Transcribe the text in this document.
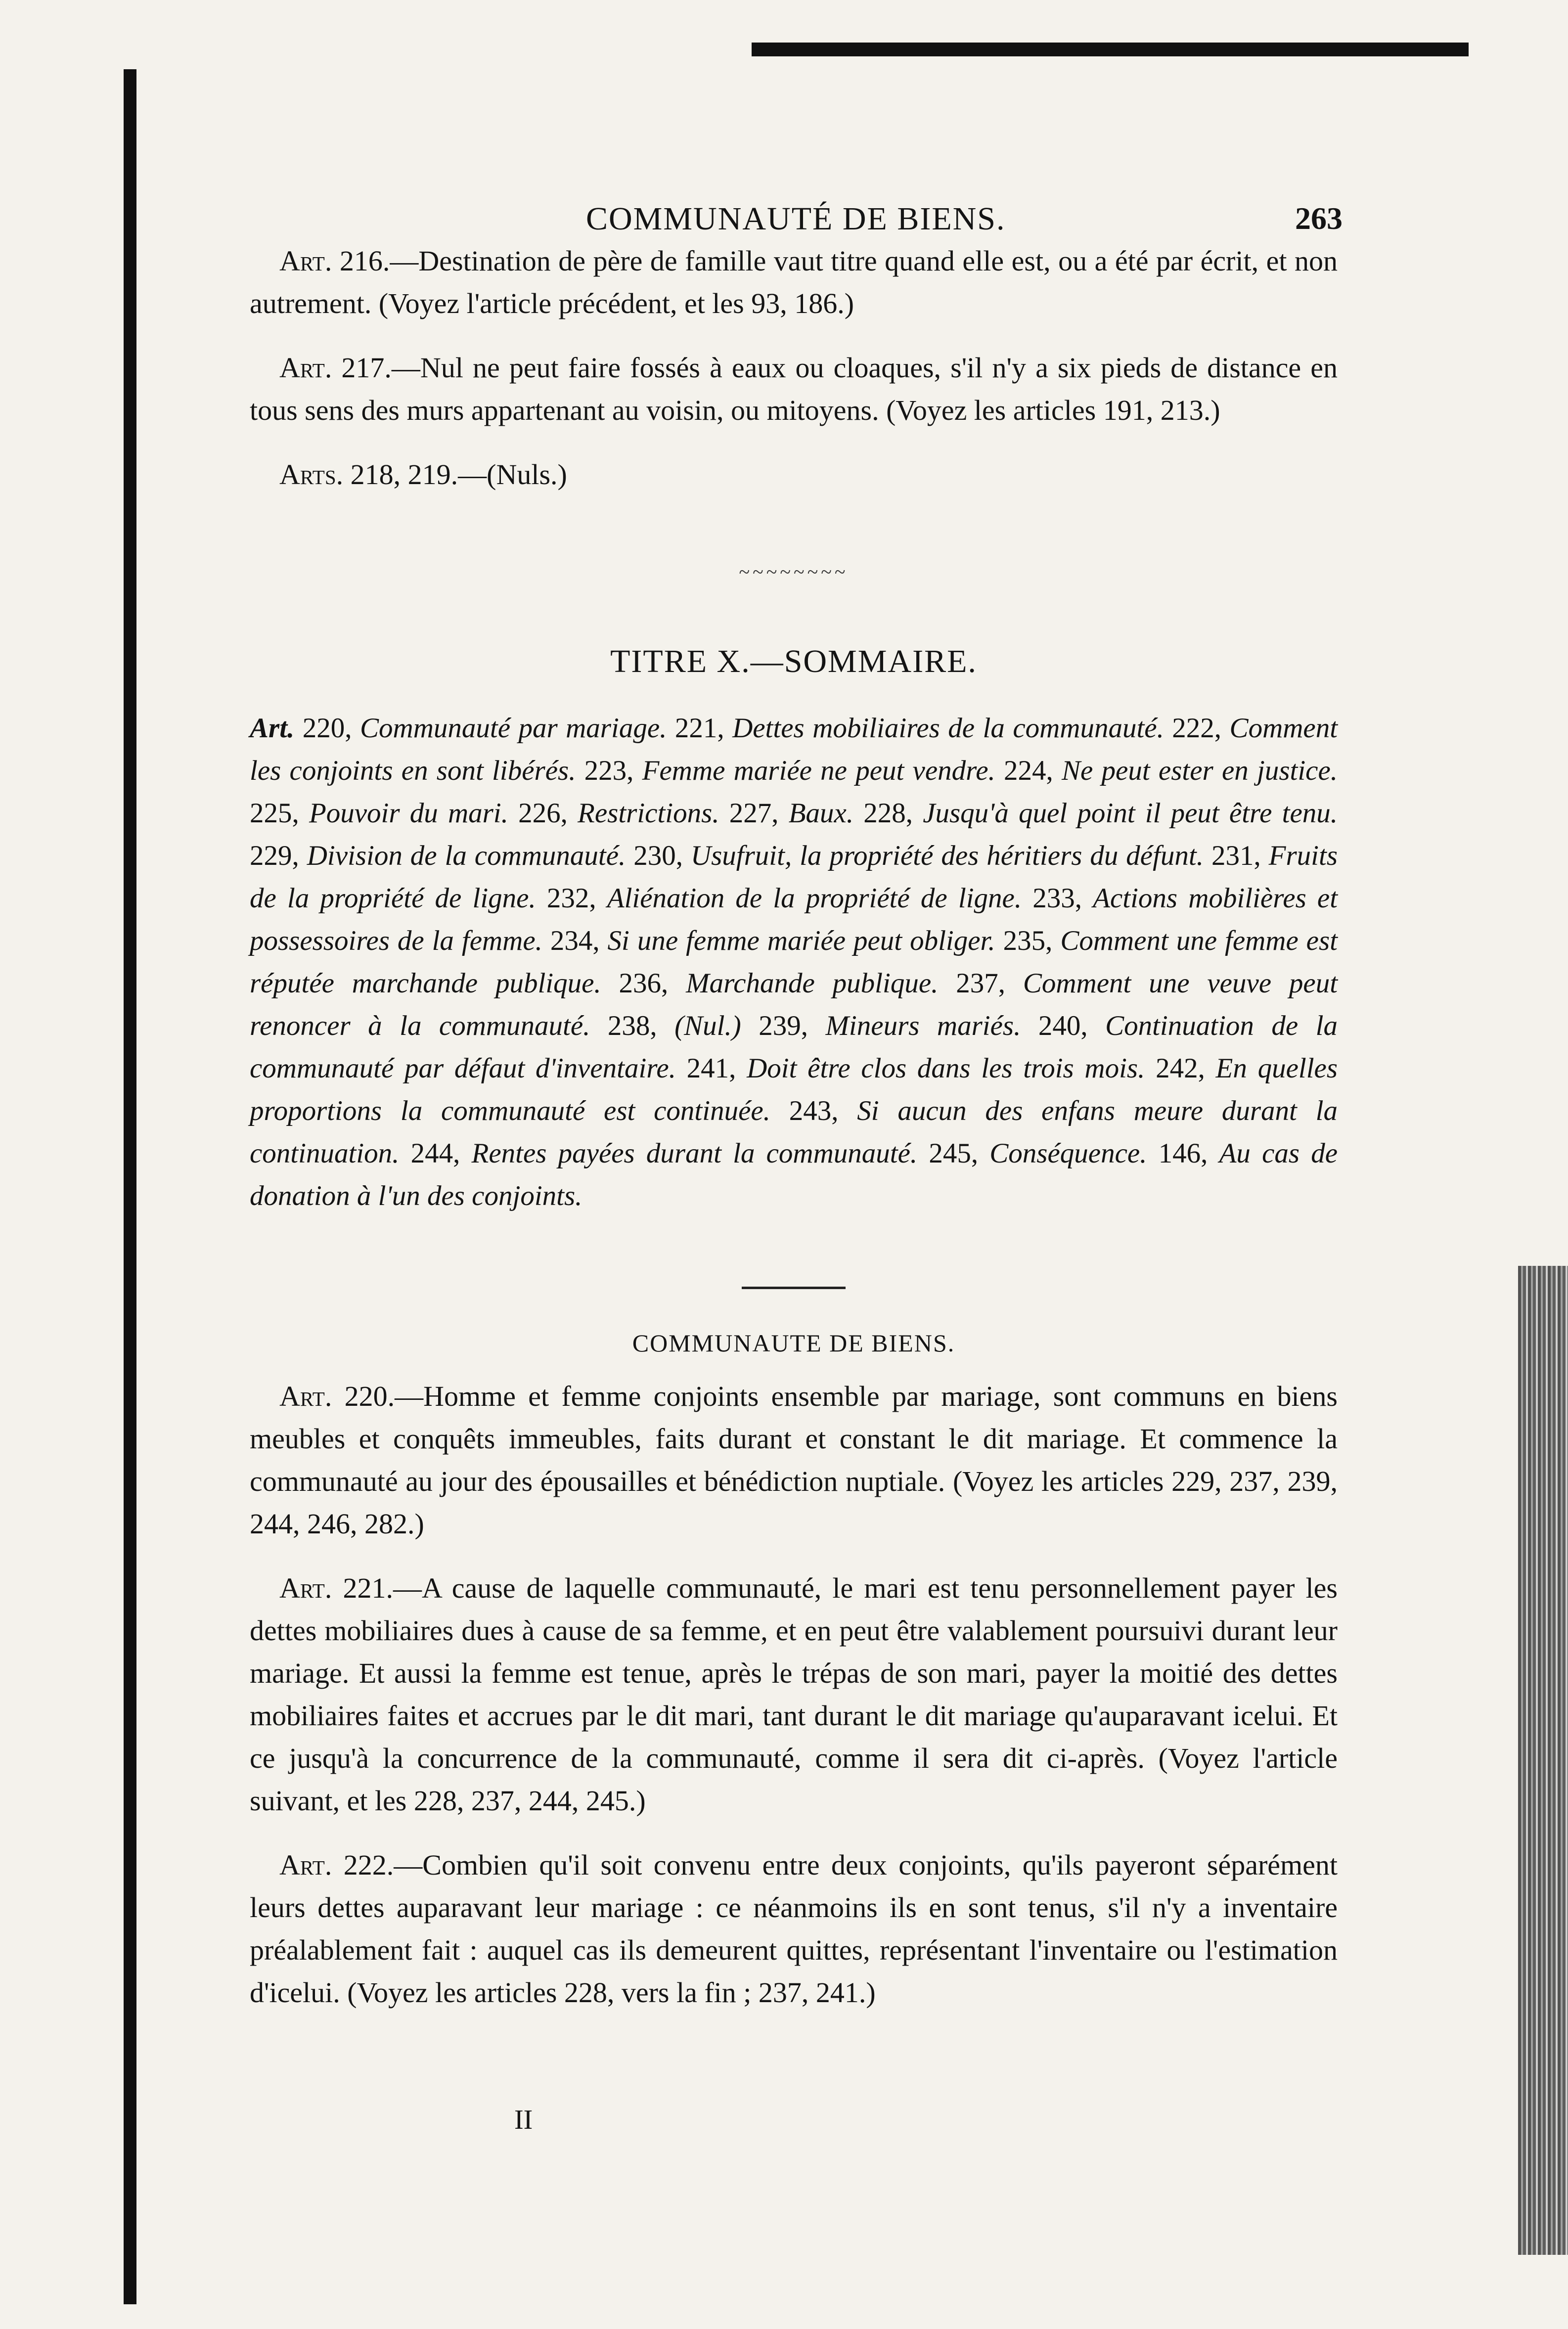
COMMUNAUTÉ DE BIENS.	263

Art. 216.—Destination de père de famille vaut titre quand elle est, ou a été par écrit, et non autrement. (Voyez l'article précédent, et les 93, 186.)

Art. 217.—Nul ne peut faire fossés à eaux ou cloaques, s'il n'y a six pieds de distance en tous sens des murs appartenant au voisin, ou mitoyens. (Voyez les articles 191, 213.)

Arts. 218, 219.—(Nuls.)

~~~~~~~~
TITRE X.—SOMMAIRE.

Art. 220, Communauté par mariage. 221, Dettes mobiliaires de la communauté. 222, Comment les conjoints en sont libérés. 223, Femme mariée ne peut vendre. 224, Ne peut ester en justice. 225, Pouvoir du mari. 226, Restrictions. 227, Baux. 228, Jusqu'à quel point il peut être tenu. 229, Division de la communauté. 230, Usufruit, la propriété des héritiers du défunt. 231, Fruits de la propriété de ligne. 232, Aliénation de la propriété de ligne. 233, Actions mobilières et possessoires de la femme. 234, Si une femme mariée peut obliger. 235, Comment une femme est réputée marchande publique. 236, Marchande publique. 237, Comment une veuve peut renoncer à la communauté. 238, (Nul.) 239, Mineurs mariés. 240, Continuation de la communauté par défaut d'inventaire. 241, Doit être clos dans les trois mois. 242, En quelles proportions la communauté est continuée. 243, Si aucun des enfans meure durant la continuation. 244, Rentes payées durant la communauté. 245, Conséquence. 146, Au cas de donation à l'un des conjoints.

COMMUNAUTE DE BIENS.

Art. 220.—Homme et femme conjoints ensemble par mariage, sont communs en biens meubles et conquêts immeubles, faits durant et constant le dit mariage. Et commence la communauté au jour des épousailles et bénédiction nuptiale. (Voyez les articles 229, 237, 239, 244, 246, 282.)

Art. 221.—A cause de laquelle communauté, le mari est tenu personnellement payer les dettes mobiliaires dues à cause de sa femme, et en peut être valablement poursuivi durant leur mariage. Et aussi la femme est tenue, après le trépas de son mari, payer la moitié des dettes mobiliaires faites et accrues par le dit mari, tant durant le dit mariage qu'auparavant icelui. Et ce jusqu'à la concurrence de la communauté, comme il sera dit ci-après. (Voyez l'article suivant, et les 228, 237, 244, 245.)

Art. 222.—Combien qu'il soit convenu entre deux conjoints, qu'ils payeront séparément leurs dettes auparavant leur mariage : ce néanmoins ils en sont tenus, s'il n'y a inventaire préalablement fait : auquel cas ils demeurent quittes, représentant l'inventaire ou l'estimation d'icelui. (Voyez les articles 228, vers la fin ; 237, 241.)

II
